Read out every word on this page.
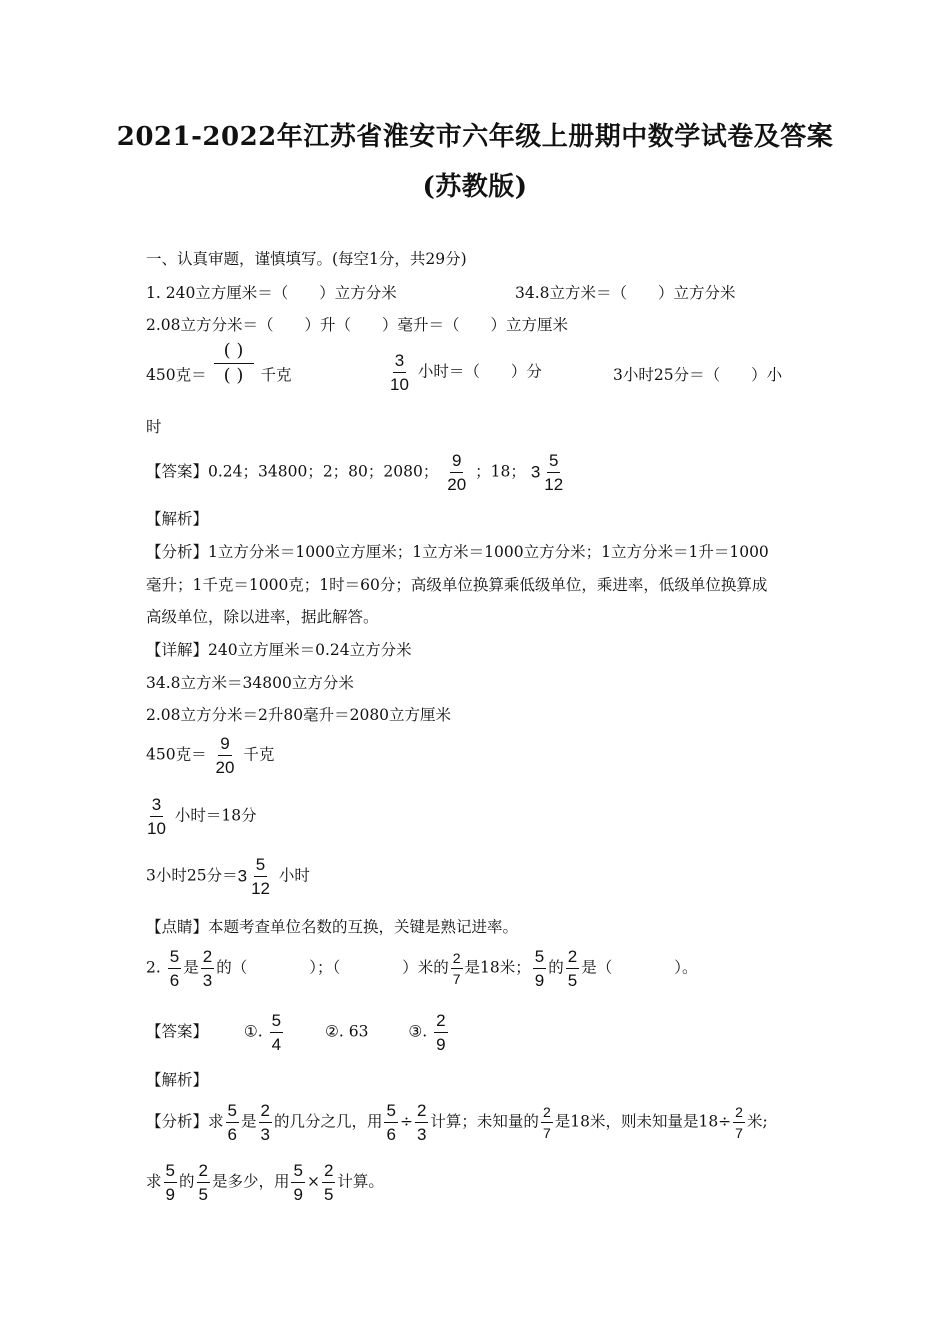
2021-2022年江苏省淮安市六年级上册期中数学试卷及答案
(苏教版)
一、认真审题，谨慎填写。(每空1分，共29分)
1. 240立方厘米＝（　　）立方分米	34.8立方米＝（　　）立方分米
2.08立方分米＝（　　）升（　　）毫升＝（　　）立方厘米
450克＝ $\frac{( )}{( )}$ 千克	$\frac{3}{10}$ 小时＝（　　）分	3小时25分＝（　　）小
时
【答案】0.24；34800；2；80；2080； $\frac{9}{20}$ ；18； $3 \frac{5}{12}$
【解析】
【分析】1立方分米＝1000立方厘米；1立方米＝1000立方分米；1立方分米＝1升＝1000
毫升；1千克＝1000克；1时＝60分；高级单位换算乘低级单位，乘进率，低级单位换算成
高级单位，除以进率，据此解答。
【详解】240立方厘米＝0.24立方分米
34.8立方米＝34800立方分米
2.08立方分米＝2升80毫升＝2080立方厘米
450克＝ $\frac{9}{20}$ 千克
$\frac{3}{10}$ 小时＝18分
3小时25分$=3 \frac{5}{12}$ 小时
【点睛】本题考查单位名数的互换，关键是熟记进率。
2. $\frac{5}{6}$ 是 $\frac{2}{3}$ 的（　　　　）；（　　　　）米的 $\frac{2}{7}$ 是18米； $\frac{5}{9}$ 的 $\frac{2}{5}$ 是（　　　　）。
【答案】 ①. $\frac{5}{4}$	②. 63	③. $\frac{2}{9}$
【解析】
【分析】求 $\frac{5}{6}$ 是 $\frac{2}{3}$ 的几分之几，用 $\frac{5}{6} \div \frac{2}{3}$ 计算；未知量的 $\frac{2}{7}$ 是18米，则未知量是$18\div \frac{2}{7}$ 米;
求 $\frac{5}{9}$ 的 $\frac{2}{5}$ 是多少，用 $\frac{5}{9} \times \frac{2}{5}$ 计算。
